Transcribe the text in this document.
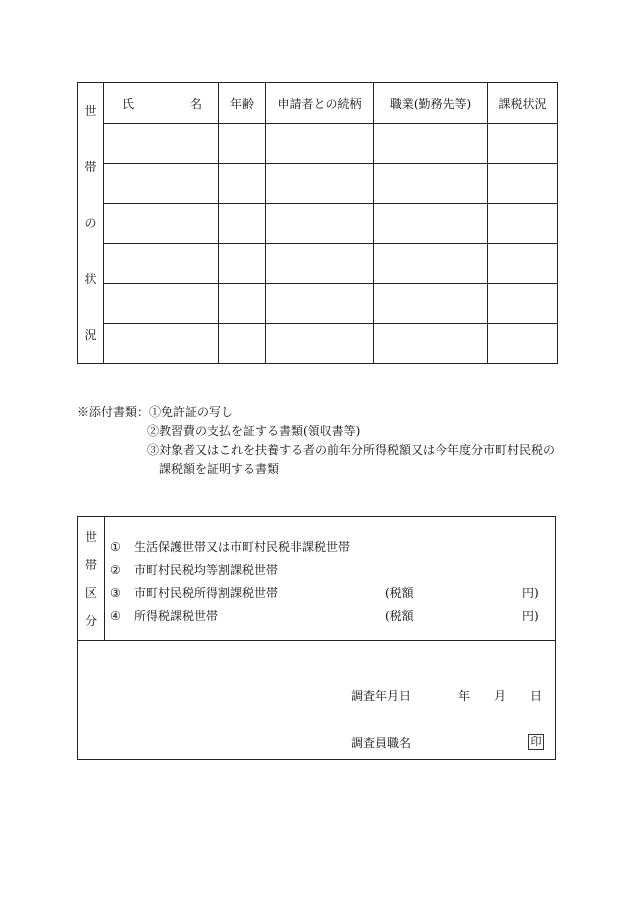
世
帯
の
状
況	氏 名	年齢	申請者との続柄	職業(勤務先等)	課税状況

※添付書類：①免許証の写し
②教習費の支払を証する書類(領収書等)
③対象者又はこれを扶養する者の前年分所得税額又は今年度分市町村民税の
課税額を証明する書類
世
帯
区
分
① 生活保護世帯又は市町村民税非課税世帯
② 市町村民税均等割課税世帯
③ 市町村民税所得割課税世帯	(税額	円)
④ 所得税課税世帯	(税額	円)
調査年月日	年 月 日
調査員職名	印
